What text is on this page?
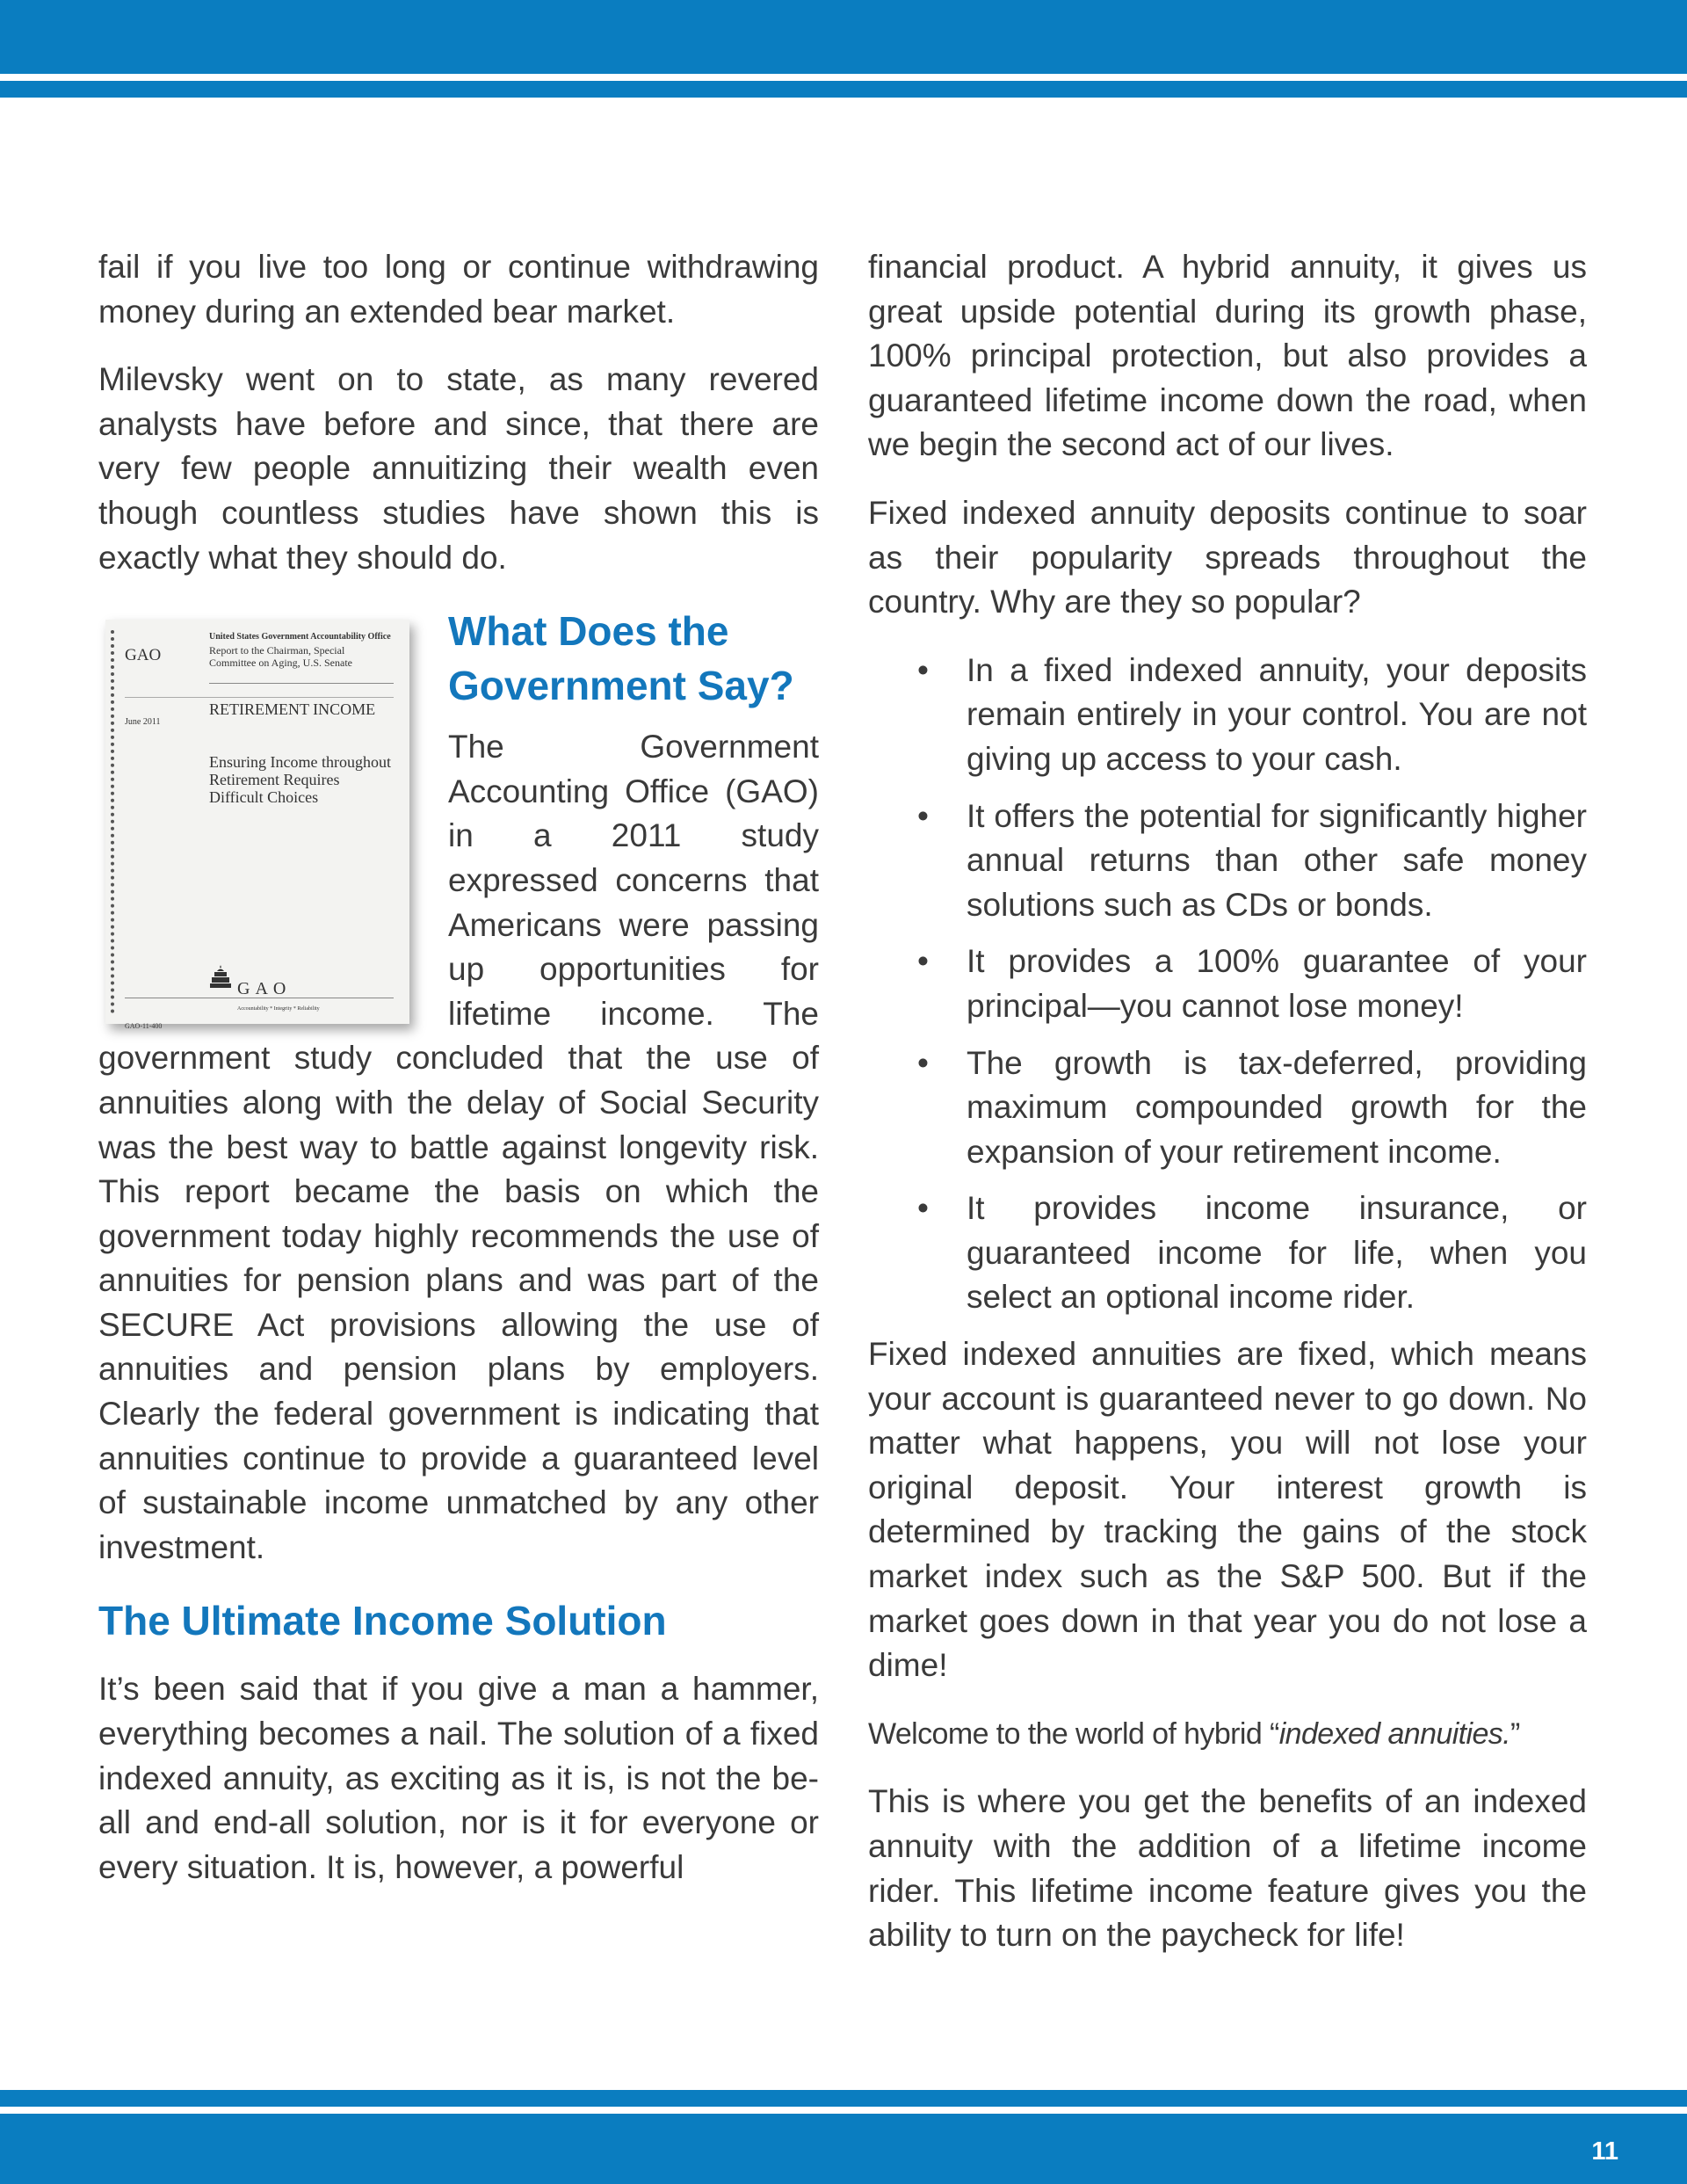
fail if you live too long or continue withdrawing money during an extended bear market.

Milevsky went on to state, as many revered analysts have before and since, that there are very few people annuitizing their wealth even though countless studies have shown this is exactly what they should do.

GAO
United States Government Accountability Office
Report to the Chairman, Special Committee on Aging, U.S. Senate
June 2011
RETIREMENT INCOME
Ensuring Income throughout Retirement Requires Difficult Choices
GAO
Accountability * Integrity * Reliability
GAO-11-400
What Does the Government Say?

The Government Accounting Office (GAO) in a 2011 study expressed concerns that Americans were passing up opportunities for lifetime income. The government study concluded that the use of annuities along with the delay of Social Security was the best way to battle against longevity risk. This report became the basis on which the government today highly recommends the use of annuities for pension plans and was part of the SECURE Act provisions allowing the use of annuities and pension plans by employers. Clearly the federal government is indicating that annuities continue to provide a guaranteed level of sustainable income unmatched by any other investment.

The Ultimate Income Solution

It’s been said that if you give a man a hammer, everything becomes a nail. The solution of a fixed indexed annuity, as exciting as it is, is not the be-all and end-all solution, nor is it for everyone or every situation. It is, however, a powerful

financial product. A hybrid annuity, it gives us great upside potential during its growth phase, 100% principal protection, but also provides a guaranteed lifetime income down the road, when we begin the second act of our lives.

Fixed indexed annuity deposits continue to soar as their popularity spreads throughout the country. Why are they so popular?

• In a fixed indexed annuity, your deposits remain entirely in your control. You are not giving up access to your cash.
• It offers the potential for significantly higher annual returns than other safe money solutions such as CDs or bonds.
• It provides a 100% guarantee of your principal—you cannot lose money!
• The growth is tax-deferred, providing maximum compounded growth for the expansion of your retirement income.
• It provides income insurance, or guaranteed income for life, when you select an optional income rider.

Fixed indexed annuities are fixed, which means your account is guaranteed never to go down. No matter what happens, you will not lose your original deposit. Your interest growth is determined by tracking the gains of the stock market index such as the S&P 500. But if the market goes down in that year you do not lose a dime!

Welcome to the world of hybrid “indexed annuities.”

This is where you get the benefits of an indexed annuity with the addition of a lifetime income rider. This lifetime income feature gives you the ability to turn on the paycheck for life!

11
